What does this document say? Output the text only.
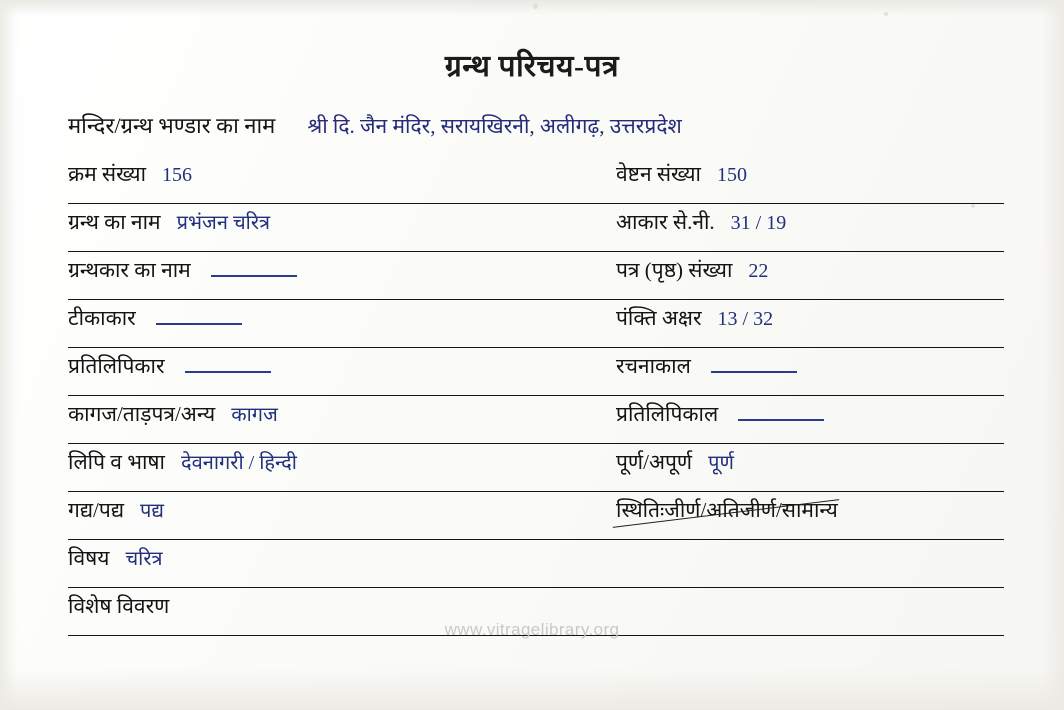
ग्रन्थ परिचय-पत्र
मन्दिर/ग्रन्थ भण्डार का नाम श्री दि. जैन मंदिर, सरायखिरनी, अलीगढ़, उत्तरप्रदेश
क्रम संख्या 156	वेष्टन संख्या 150
ग्रन्थ का नाम प्रभंजन चरित्र	आकार से.नी. 31 / 19
ग्रन्थकार का नाम	पत्र (पृष्ठ) संख्या 22
टीकाकार	पंक्ति अक्षर 13 / 32
प्रतिलिपिकार	रचनाकाल
कागज/ताड़पत्र/अन्य कागज	प्रतिलिपिकाल
लिपि व भाषा देवनागरी / हिन्दी	पूर्ण/अपूर्ण पूर्ण
गद्य/पद्य पद्य	स्थितिःजीर्ण/अतिजीर्ण/सामान्य
विषय चरित्र
विशेष विवरण
www.vitragelibrary.org
